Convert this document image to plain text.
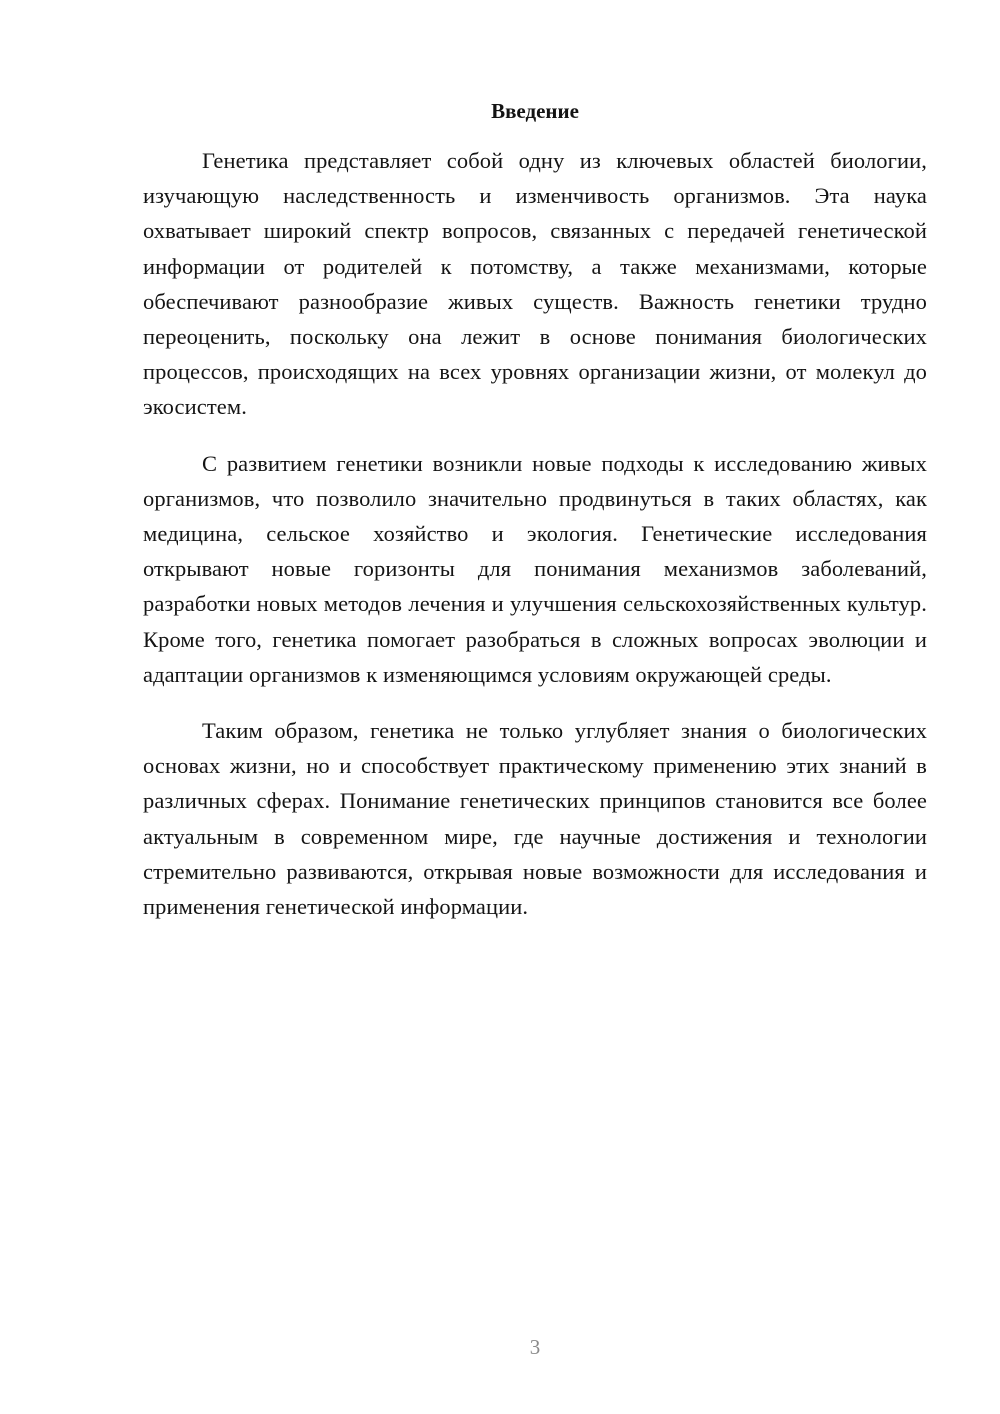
Введение

Генетика представляет собой одну из ключевых областей биологии, изучающую наследственность и изменчивость организмов. Эта наука охватывает широкий спектр вопросов, связанных с передачей генетической информации от родителей к потомству, а также механизмами, которые обеспечивают разнообразие живых существ. Важность генетики трудно переоценить, поскольку она лежит в основе понимания биологических процессов, происходящих на всех уровнях организации жизни, от молекул до экосистем.

С развитием генетики возникли новые подходы к исследованию живых организмов, что позволило значительно продвинуться в таких областях, как медицина, сельское хозяйство и экология. Генетические исследования открывают новые горизонты для понимания механизмов заболеваний, разработки новых методов лечения и улучшения сельскохозяйственных культур. Кроме того, генетика помогает разобраться в сложных вопросах эволюции и адаптации организмов к изменяющимся условиям окружающей среды.

Таким образом, генетика не только углубляет знания о биологических основах жизни, но и способствует практическому применению этих знаний в различных сферах. Понимание генетических принципов становится все более актуальным в современном мире, где научные достижения и технологии стремительно развиваются, открывая новые возможности для исследования и применения генетической информации.

3
